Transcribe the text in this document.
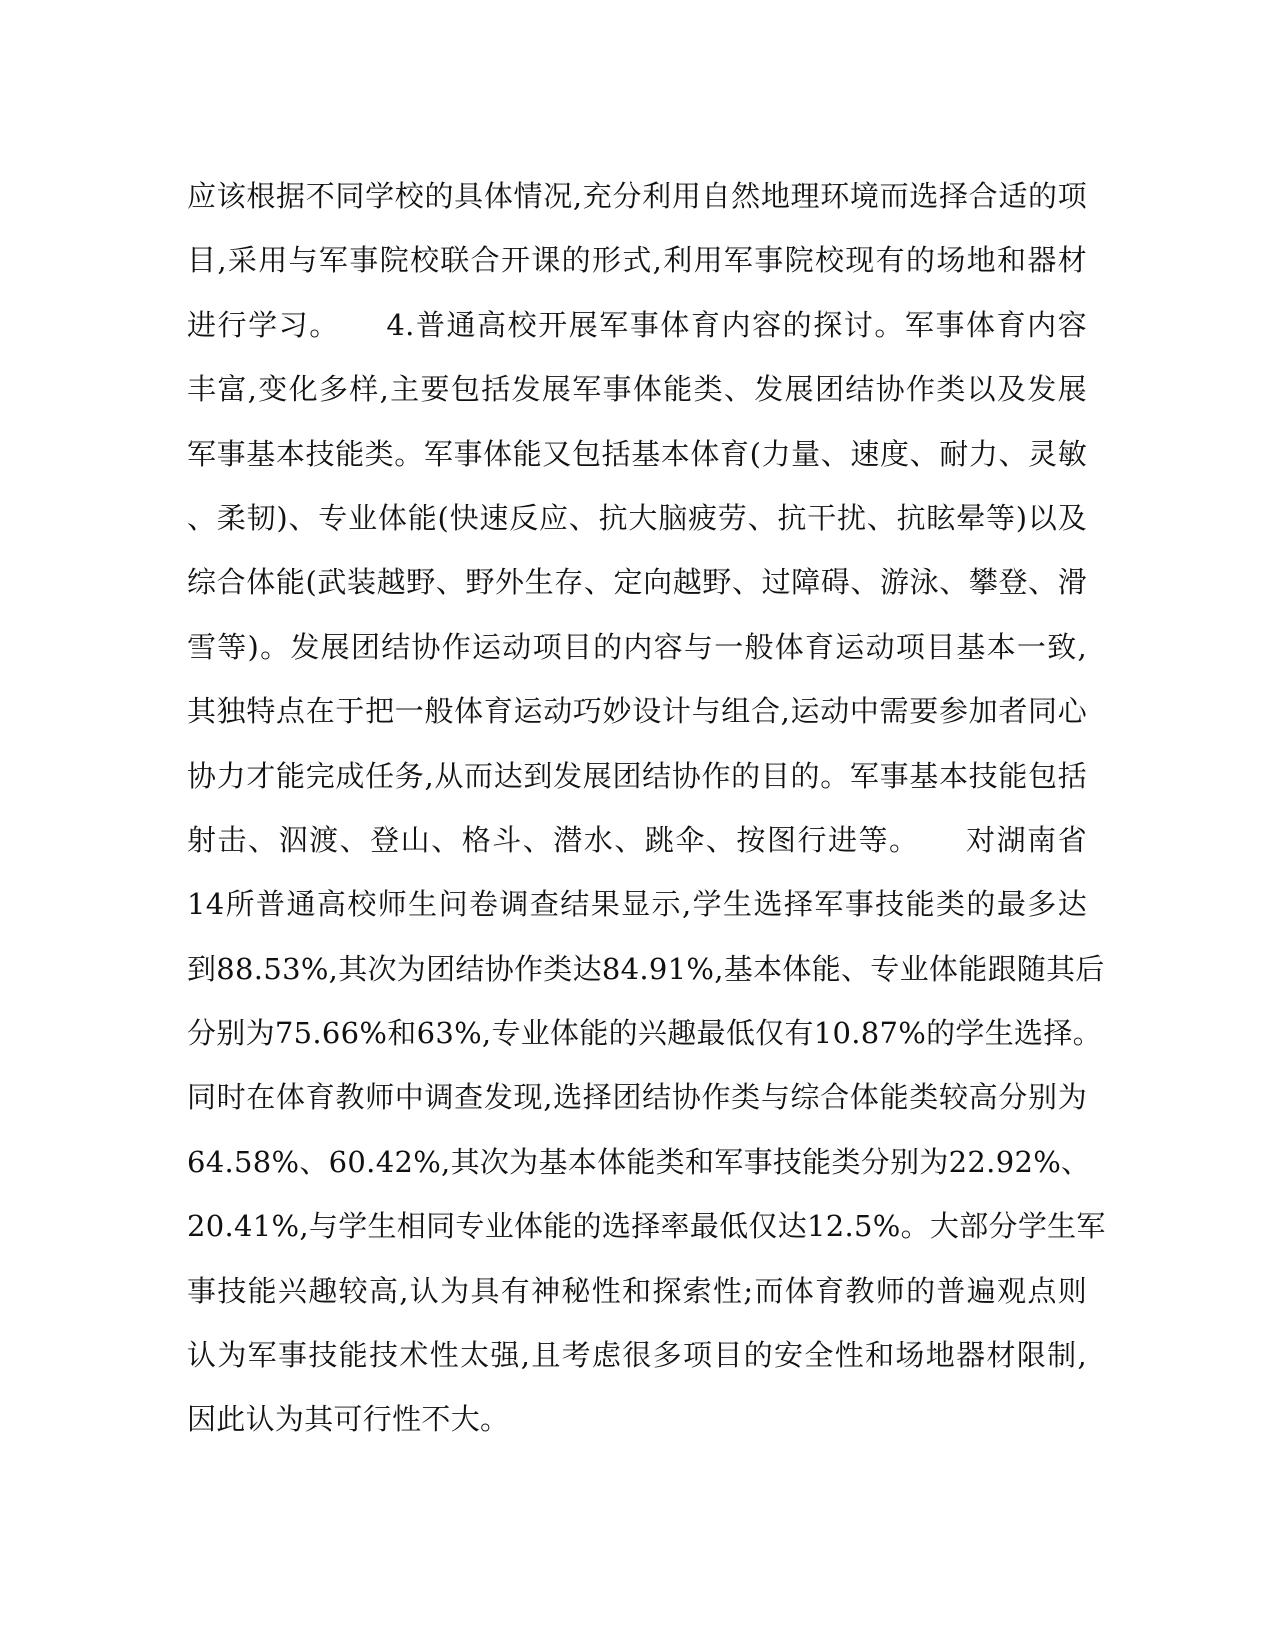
应该根据不同学校的具体情况,充分利用自然地理环境而选择合适的项
目,采用与军事院校联合开课的形式,利用军事院校现有的场地和器材
进行学习。　　4.普通高校开展军事体育内容的探讨。军事体育内容
丰富,变化多样,主要包括发展军事体能类、发展团结协作类以及发展
军事基本技能类。军事体能又包括基本体育(力量、速度、耐力、灵敏
、柔韧)、专业体能(快速反应、抗大脑疲劳、抗干扰、抗眩晕等)以及
综合体能(武装越野、野外生存、定向越野、过障碍、游泳、攀登、滑
雪等)。发展团结协作运动项目的内容与一般体育运动项目基本一致,
其独特点在于把一般体育运动巧妙设计与组合,运动中需要参加者同心
协力才能完成任务,从而达到发展团结协作的目的。军事基本技能包括
射击、泅渡、登山、格斗、潜水、跳伞、按图行进等。　　对湖南省
14所普通高校师生问卷调查结果显示,学生选择军事技能类的最多达
到88.53%,其次为团结协作类达84.91%,基本体能、专业体能跟随其后
分别为75.66%和63%,专业体能的兴趣最低仅有10.87%的学生选择。
同时在体育教师中调查发现,选择团结协作类与综合体能类较高分别为
64.58%、60.42%,其次为基本体能类和军事技能类分别为22.92%、
20.41%,与学生相同专业体能的选择率最低仅达12.5%。大部分学生军
事技能兴趣较高,认为具有神秘性和探索性;而体育教师的普遍观点则
认为军事技能技术性太强,且考虑很多项目的安全性和场地器材限制,
因此认为其可行性不大。
